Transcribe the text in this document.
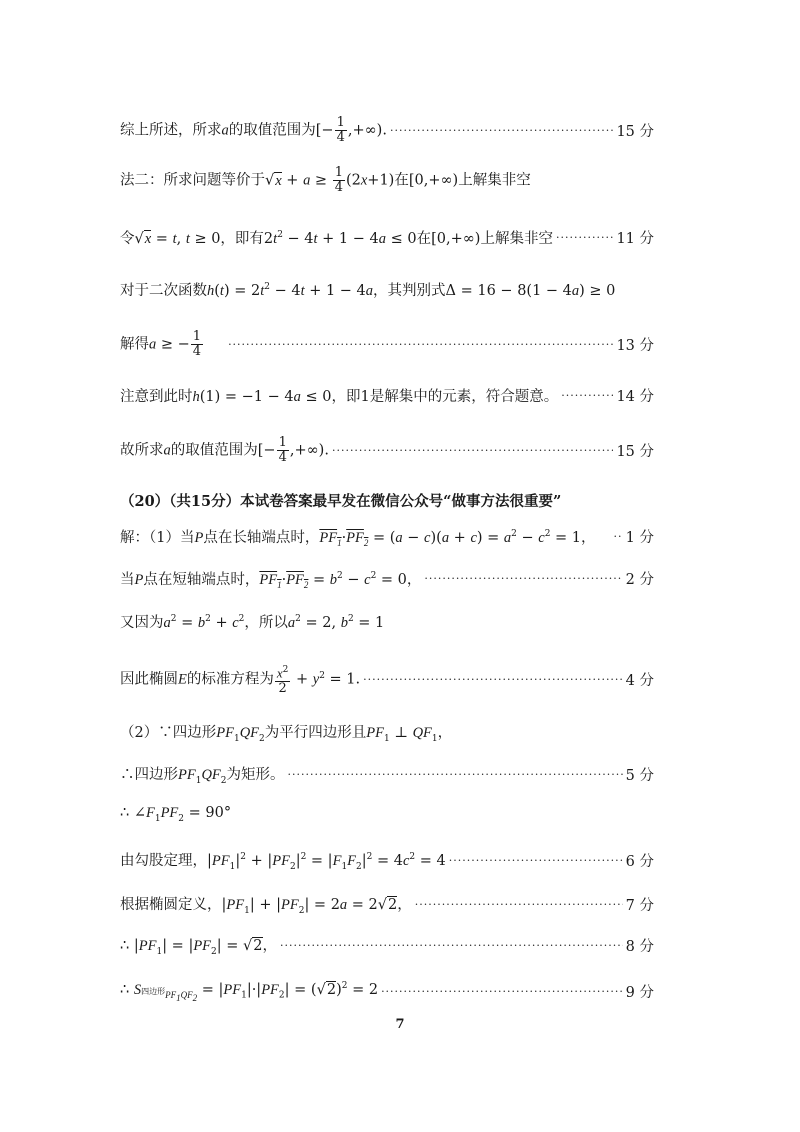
综上所述，所求a的取值范围为[− $\frac{1}{4}$ ,+∞). ·····	15 分
法二：所求问题等价于$√x + a \ge \frac{1}{4} (2x+1)$在[0,+∞)上解集非空
令√x = t, t ≥ 0，即有$2t^2 - 4t + 1 - 4a \le 0$在[0,+∞)上解集非空 ·····	11 分
对于二次函数$h(t) = 2t^2 - 4t + 1 - 4a$，其判别式Δ = 16 − 8(1 − 4a) ≥ 0
解得a ≥ − $\frac{1}{4}$ ·····	13 分
注意到此时h(1) = −1 − 4a ≤ 0，即1是解集中的元素，符合题意。 ·····	14 分
故所求a的取值范围为[− $\frac{1}{4}$ ,+∞). ·····	15 分
（20）（共15分）本试卷答案最早发在微信公众号“做事方法很重要”
解：（1）当P点在长轴端点时，$PF_1\cdot PF_2 = (a - c)(a + c) = a^2 - c^2 = 1$， ····· 1 分
当P点在短轴端点时，$PF_1\cdot PF_2 = b^2 - c^2 = 0$， ·····	2 分
又因为$a^2 = b^2 + c^2$，所以$a^2 = 2$, $b^2 = 1$
因此椭圆E的标准方程为 $\frac{x^2}{2} + y^2 = 1$. ·····	4 分
（2）∵四边形$PF_1QF_2$为平行四边形且$PF_1$ ⊥ $QF_1$，
∴四边形$PF_1QF_2$为矩形。 ·····	5 分
∴ $\angle F_1PF_2 = 90^\circ$
由勾股定理，$|PF_1|^2 + |PF_2|^2 = |F_1F_2|^2 = 4c^2 = 4$ ·····	6 分
根据椭圆定义，$|PF_1| + |PF_2| = 2a = 2√2$， ·····	7 分
∴ $|PF_1| = |PF_2| = √2$， ·····	8 分
∴ S四边形$_{PF_1QF_2} = |PF_1|\cdot|PF_2| = (√2)^2 = 2$ ·····	9 分
7
